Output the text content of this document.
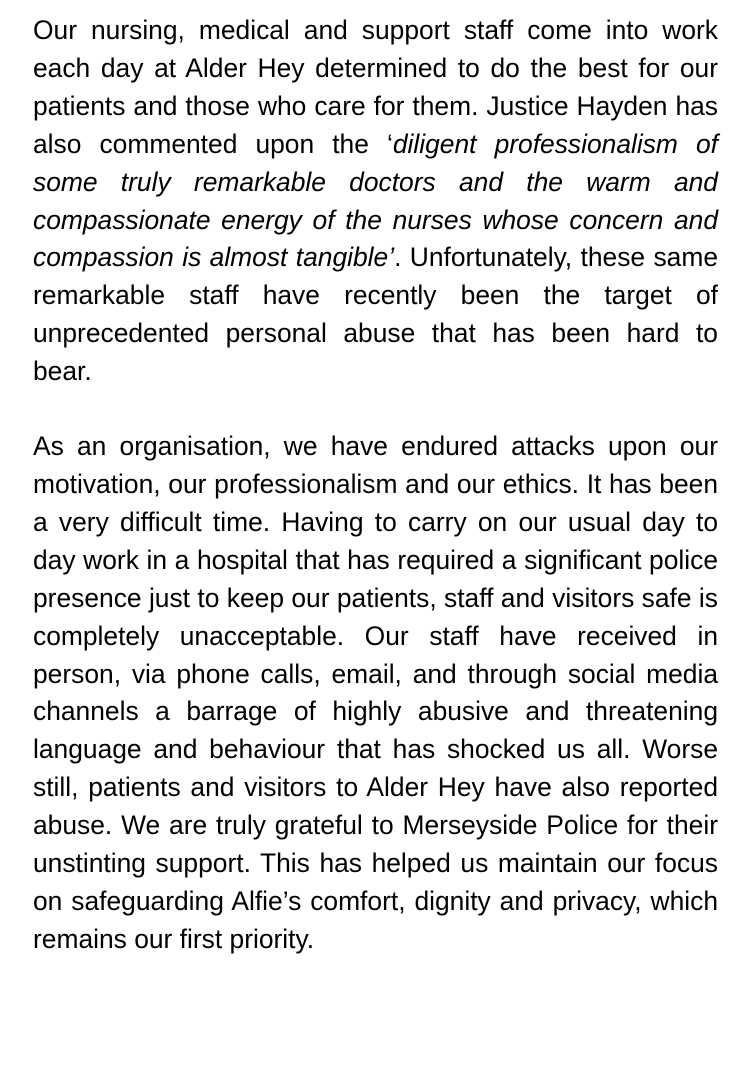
Our nursing, medical and support staff come into work each day at Alder Hey determined to do the best for our patients and those who care for them. Justice Hayden has also commented upon the ‘diligent professionalism of some truly remarkable doctors and the warm and compassionate energy of the nurses whose concern and compassion is almost tangible’. Unfortunately, these same remarkable staff have recently been the target of unprecedented personal abuse that has been hard to bear.

As an organisation, we have endured attacks upon our motivation, our professionalism and our ethics. It has been a very difficult time. Having to carry on our usual day to day work in a hospital that has required a significant police presence just to keep our patients, staff and visitors safe is completely unacceptable. Our staff have received in person, via phone calls, email, and through social media channels a barrage of highly abusive and threatening language and behaviour that has shocked us all. Worse still, patients and visitors to Alder Hey have also reported abuse. We are truly grateful to Merseyside Police for their unstinting support. This has helped us maintain our focus on safeguarding Alfie’s comfort, dignity and privacy, which remains our first priority.
